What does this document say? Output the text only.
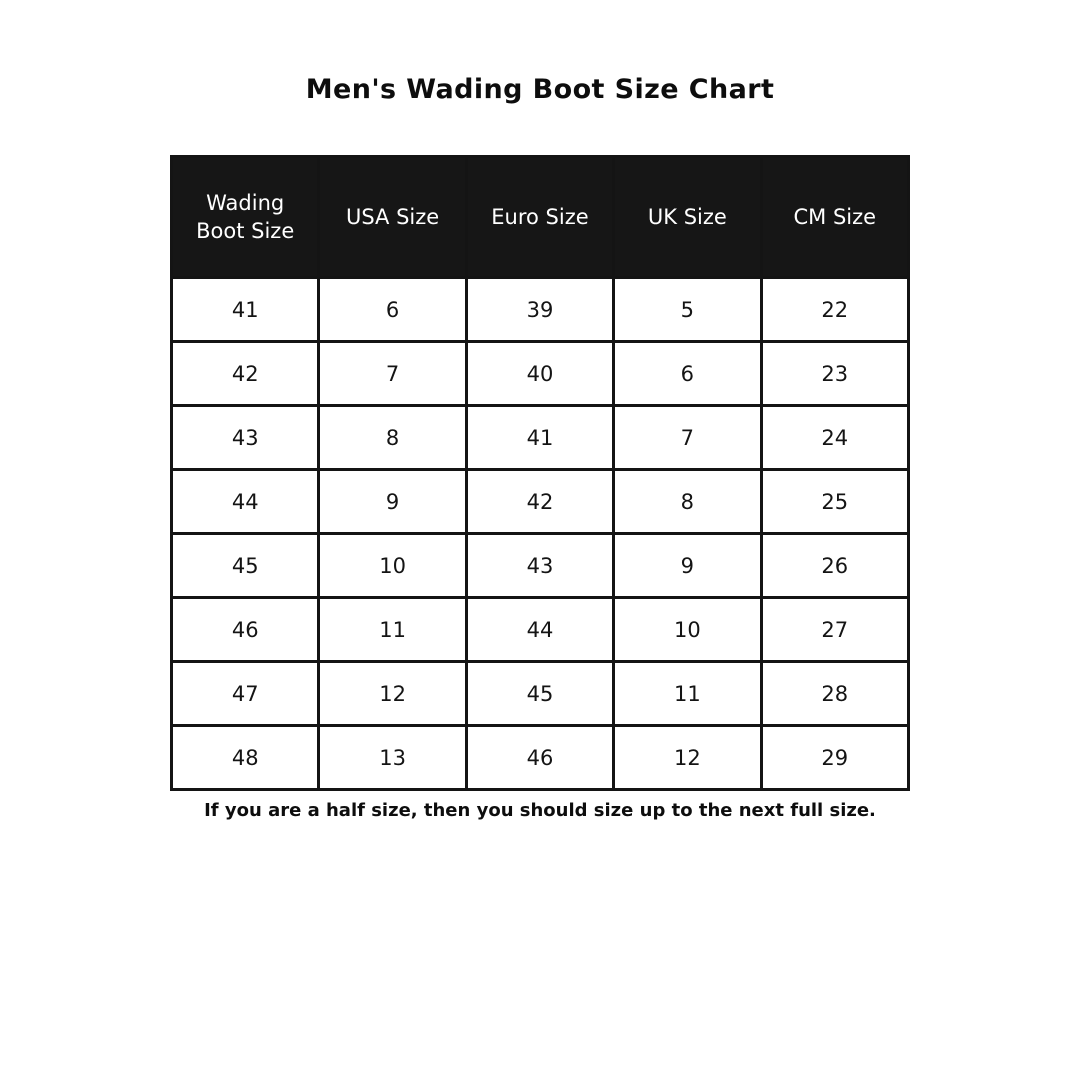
Men's Wading Boot Size Chart
Wading Boot Size	USA Size	Euro Size	UK Size	CM Size
41	6	39	5	22
42	7	40	6	23
43	8	41	7	24
44	9	42	8	25
45	10	43	9	26
46	11	44	10	27
47	12	45	11	28
48	13	46	12	29
If you are a half size, then you should size up to the next full size.
